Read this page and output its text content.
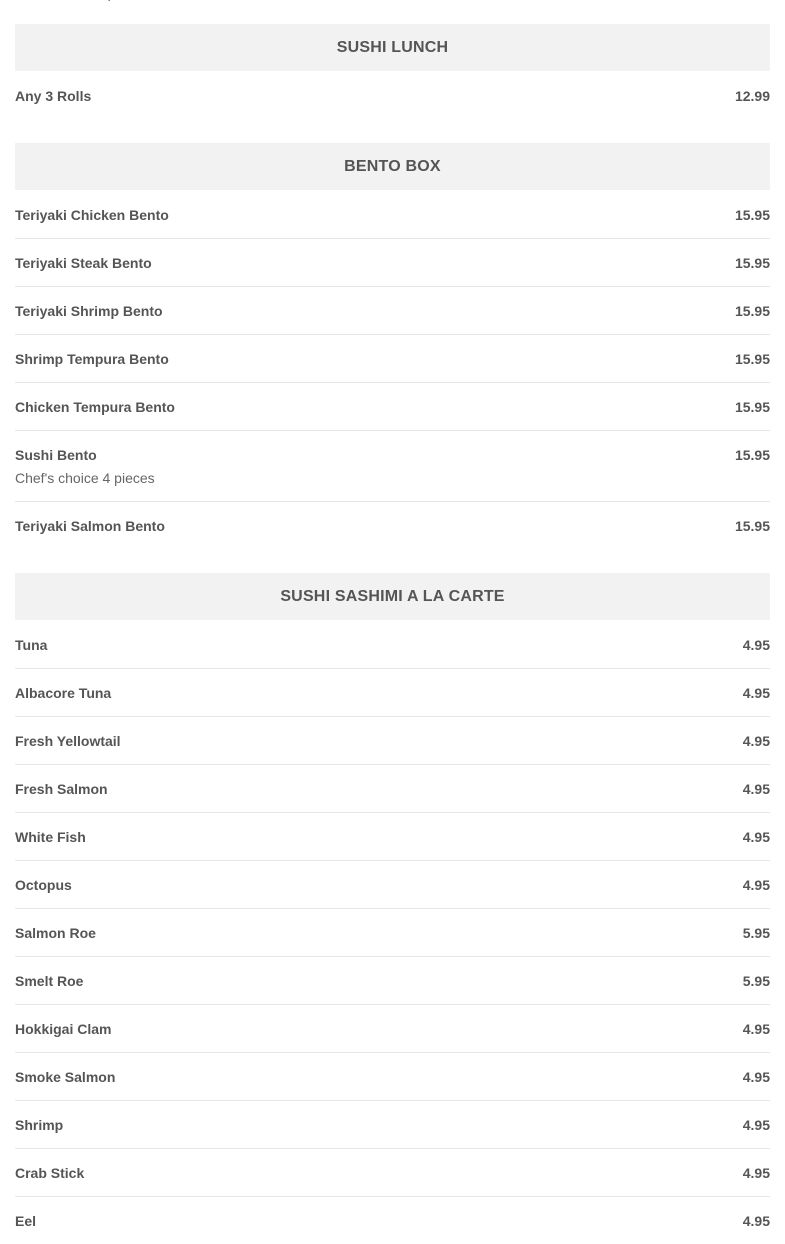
SUSHI LUNCH
Any 3 Rolls	12.99
BENTO BOX
Teriyaki Chicken Bento	15.95
Teriyaki Steak Bento	15.95
Teriyaki Shrimp Bento	15.95
Shrimp Tempura Bento	15.95
Chicken Tempura Bento	15.95
Sushi Bento	15.95
Chef's choice 4 pieces
Teriyaki Salmon Bento	15.95
SUSHI SASHIMI A LA CARTE
Tuna	4.95
Albacore Tuna	4.95
Fresh Yellowtail	4.95
Fresh Salmon	4.95
White Fish	4.95
Octopus	4.95
Salmon Roe	5.95
Smelt Roe	5.95
Hokkigai Clam	4.95
Smoke Salmon	4.95
Shrimp	4.95
Crab Stick	4.95
Eel	4.95
